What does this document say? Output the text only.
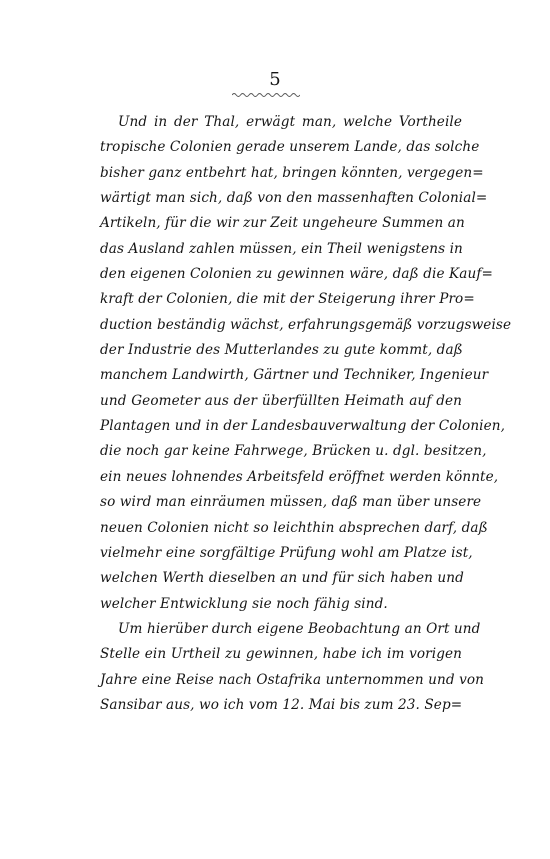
5
Und in der Thal, erwägt man, welche Vortheile
tropische Colonien gerade unserem Lande, das solche
bisher ganz entbehrt hat, bringen könnten, vergegen=
wärtigt man sich, daß von den massenhaften Colonial=
Artikeln, für die wir zur Zeit ungeheure Summen an
das Ausland zahlen müssen, ein Theil wenigstens in
den eigenen Colonien zu gewinnen wäre, daß die Kauf=
kraft der Colonien, die mit der Steigerung ihrer Pro=
duction beständig wächst, erfahrungsgemäß vorzugsweise
der Industrie des Mutterlandes zu gute kommt, daß
manchem Landwirth, Gärtner und Techniker, Ingenieur
und Geometer aus der überfüllten Heimath auf den
Plantagen und in der Landesbauverwaltung der Colonien,
die noch gar keine Fahrwege, Brücken u. dgl. besitzen,
ein neues lohnendes Arbeitsfeld eröffnet werden könnte,
so wird man einräumen müssen, daß man über unsere
neuen Colonien nicht so leichthin absprechen darf, daß
vielmehr eine sorgfältige Prüfung wohl am Platze ist,
welchen Werth dieselben an und für sich haben und
welcher Entwicklung sie noch fähig sind.
Um hierüber durch eigene Beobachtung an Ort und
Stelle ein Urtheil zu gewinnen, habe ich im vorigen
Jahre eine Reise nach Ostafrika unternommen und von
Sansibar aus, wo ich vom 12. Mai bis zum 23. Sep=
